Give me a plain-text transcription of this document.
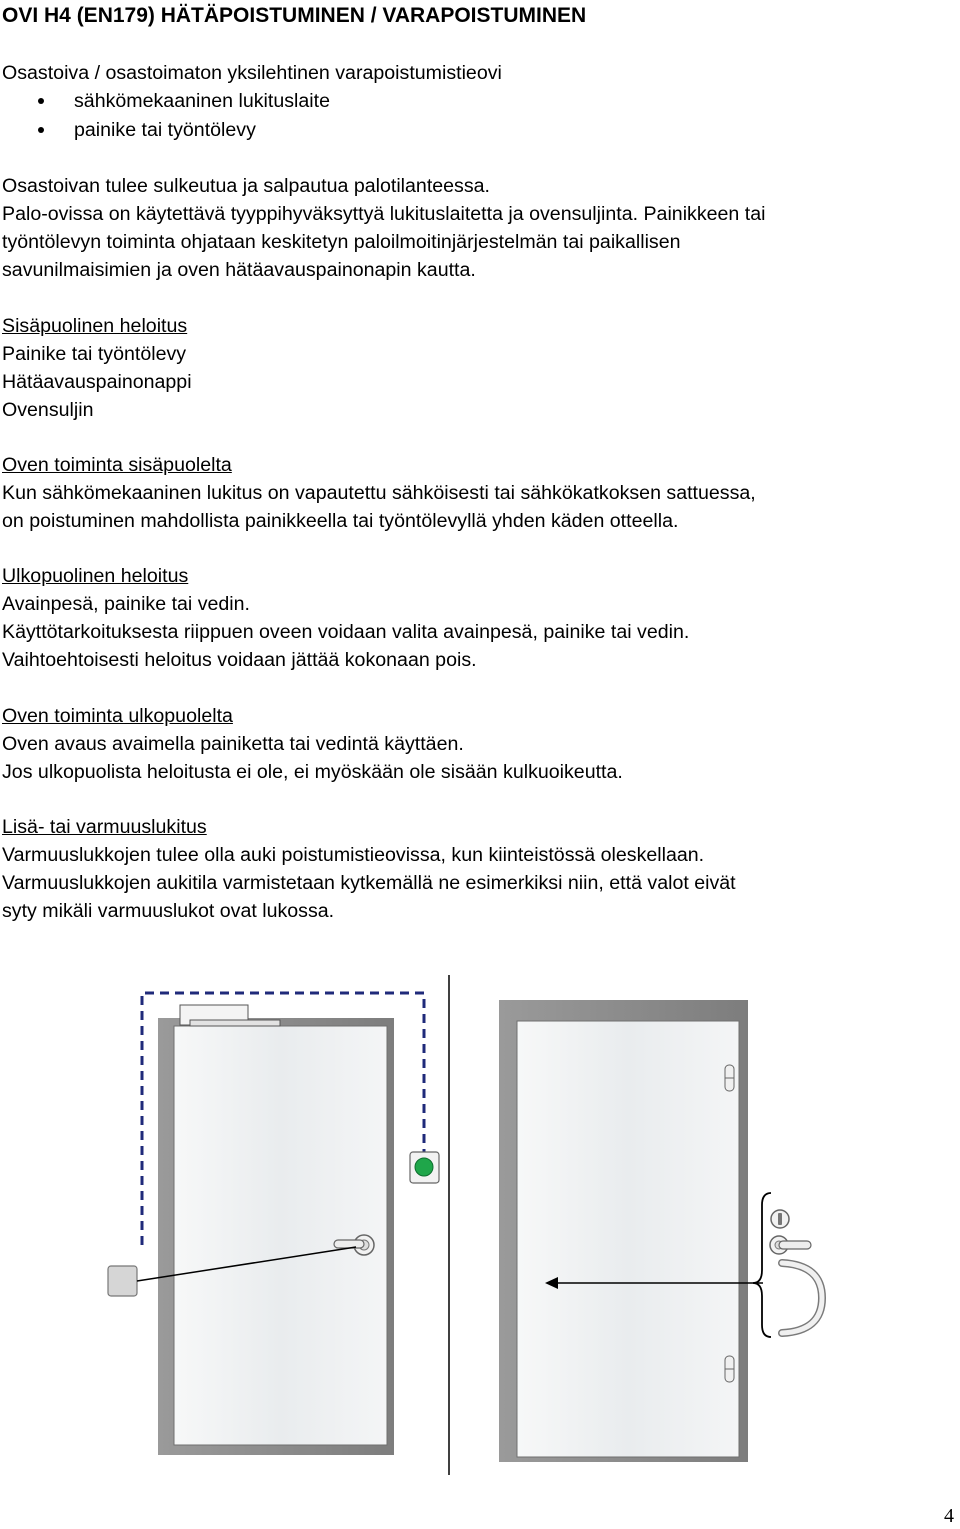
OVI H4 (EN179) HÄTÄPOISTUMINEN / VARAPOISTUMINEN
Osastoiva / osastoimaton yksilehtinen varapoistumistieovi
sähkömekaaninen lukituslaite
painike tai työntölevy
Osastoivan tulee sulkeutua ja salpautua palotilanteessa.
Palo-ovissa on käytettävä tyyppihyväksyttyä lukituslaitetta ja ovensuljinta. Painikkeen tai
työntölevyn toiminta ohjataan keskitetyn paloilmoitinjärjestelmän tai paikallisen
savunilmaisimien ja oven hätäavauspainonapin kautta.
Sisäpuolinen heloitus
Painike tai työntölevy
Hätäavauspainonappi
Ovensuljin
Oven toiminta sisäpuolelta
Kun sähkömekaaninen lukitus on vapautettu sähköisesti tai sähkökatkoksen sattuessa,
on poistuminen mahdollista painikkeella tai työntölevyllä yhden käden otteella.
Ulkopuolinen heloitus
Avainpesä, painike tai vedin.
Käyttötarkoituksesta riippuen oveen voidaan valita avainpesä, painike tai vedin.
Vaihtoehtoisesti heloitus voidaan jättää kokonaan pois.
Oven toiminta ulkopuolelta
Oven avaus avaimella painiketta tai vedintä käyttäen.
Jos ulkopuolista heloitusta ei ole, ei myöskään ole sisään kulkuoikeutta.
Lisä- tai varmuuslukitus
Varmuuslukkojen tulee olla auki poistumistieovissa, kun kiinteistössä oleskellaan.
Varmuuslukkojen aukitila varmistetaan kytkemällä ne esimerkiksi niin, että valot eivät
syty mikäli varmuuslukot ovat lukossa.
4
